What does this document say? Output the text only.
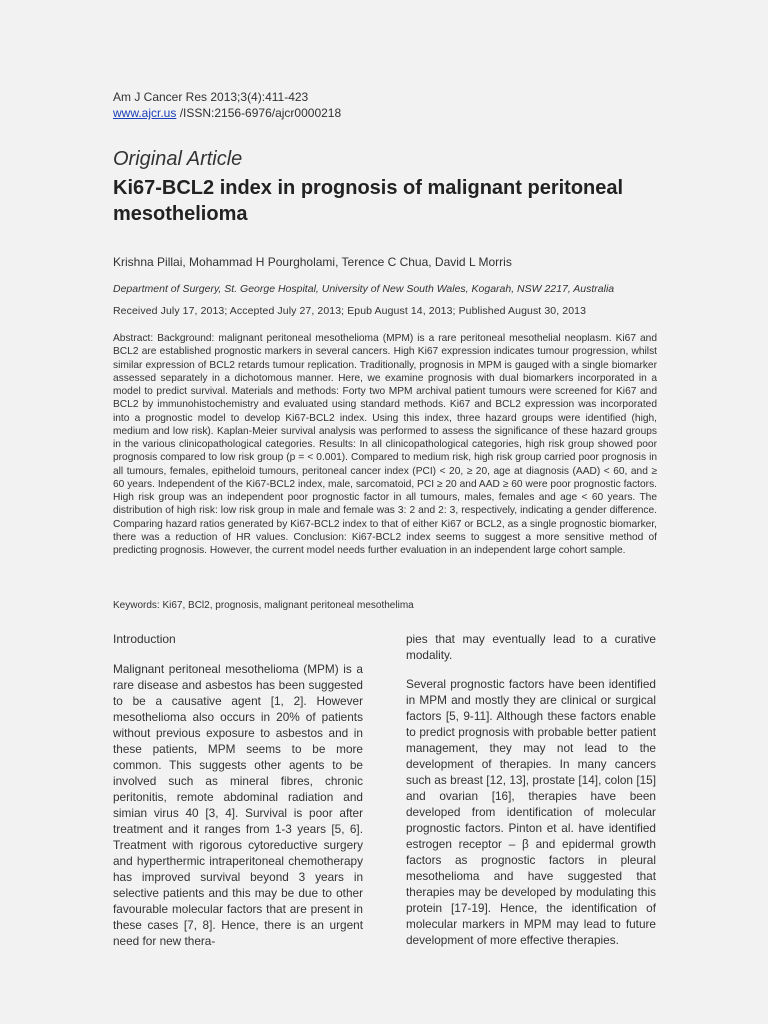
Am J Cancer Res 2013;3(4):411-423
www.ajcr.us /ISSN:2156-6976/ajcr0000218
Original Article
Ki67-BCL2 index in prognosis of malignant peritoneal mesothelioma
Krishna Pillai, Mohammad H Pourgholami, Terence C Chua, David L Morris
Department of Surgery, St. George Hospital, University of New South Wales, Kogarah, NSW 2217, Australia
Received July 17, 2013; Accepted July 27, 2013; Epub August 14, 2013; Published August 30, 2013
Abstract: Background: malignant peritoneal mesothelioma (MPM) is a rare peritoneal mesothelial neoplasm. Ki67 and BCL2 are established prognostic markers in several cancers. High Ki67 expression indicates tumour progression, whilst similar expression of BCL2 retards tumour replication. Traditionally, prognosis in MPM is gauged with a single biomarker assessed separately in a dichotomous manner. Here, we examine prognosis with dual biomarkers incorporated in a model to predict survival. Materials and methods: Forty two MPM archival patient tumours were screened for Ki67 and BCL2 by immunohistochemistry and evaluated using standard methods. Ki67 and BCL2 expression was incorporated into a prognostic model to develop Ki67-BCL2 index. Using this index, three hazard groups were identified (high, medium and low risk). Kaplan-Meier survival analysis was performed to assess the significance of these hazard groups in the various clinicopathological categories. Results: In all clinicopathological categories, high risk group showed poor prognosis compared to low risk group (p = < 0.001). Compared to medium risk, high risk group carried poor prognosis in all tumours, females, epitheloid tumours, peritoneal cancer index (PCI) < 20, ≥ 20, age at diagnosis (AAD) < 60, and ≥ 60 years. Independent of the Ki67-BCL2 index, male, sarcomatoid, PCI ≥ 20 and AAD ≥ 60 were poor prognostic factors. High risk group was an independent poor prognostic factor in all tumours, males, females and age < 60 years. The distribution of high risk: low risk group in male and female was 3: 2 and 2: 3, respectively, indicating a gender difference. Comparing hazard ratios generated by Ki67-BCL2 index to that of either Ki67 or BCL2, as a single prognostic biomarker, there was a reduction of HR values. Conclusion: Ki67-BCL2 index seems to suggest a more sensitive method of predicting prognosis. However, the current model needs further evaluation in an independent large cohort sample.
Keywords: Ki67, BCl2, prognosis, malignant peritoneal mesothelima
Introduction

Malignant peritoneal mesothelioma (MPM) is a rare disease and asbestos has been suggested to be a causative agent [1, 2]. However mesothelioma also occurs in 20% of patients without previous exposure to asbestos and in these patients, MPM seems to be more common. This suggests other agents to be involved such as mineral fibres, chronic peritonitis, remote abdominal radiation and simian virus 40 [3, 4]. Survival is poor after treatment and it ranges from 1-3 years [5, 6]. Treatment with rigorous cytoreductive surgery and hyperthermic intraperitoneal chemotherapy has improved survival beyond 3 years in selective patients and this may be due to other favourable molecular factors that are present in these cases [7, 8]. Hence, there is an urgent need for new thera-

pies that may eventually lead to a curative modality.

Several prognostic factors have been identified in MPM and mostly they are clinical or surgical factors [5, 9-11]. Although these factors enable to predict prognosis with probable better patient management, they may not lead to the development of therapies. In many cancers such as breast [12, 13], prostate [14], colon [15] and ovarian [16], therapies have been developed from identification of molecular prognostic factors. Pinton et al. have identified estrogen receptor – β and epidermal growth factors as prognostic factors in pleural mesothelioma and have suggested that therapies may be developed by modulating this protein [17-19]. Hence, the identification of molecular markers in MPM may lead to future development of more effective therapies.
